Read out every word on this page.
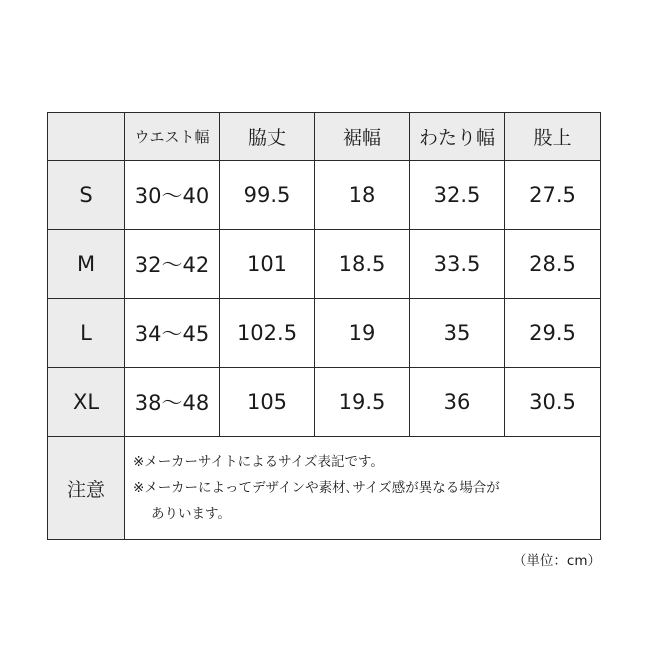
	ウエスト幅	脇丈	裾幅	わたり幅	股上
S	30〜40	99.5	18	32.5	27.5
M	32〜42	101	18.5	33.5	28.5
L	34〜45	102.5	19	35	29.5
XL	38〜48	105	19.5	36	30.5
注意	※メーカーサイトによるサイズ表記です。
※メーカーによってデザインや素材､サイズ感が異なる場合が
ありいます。				
（単位：cm）
